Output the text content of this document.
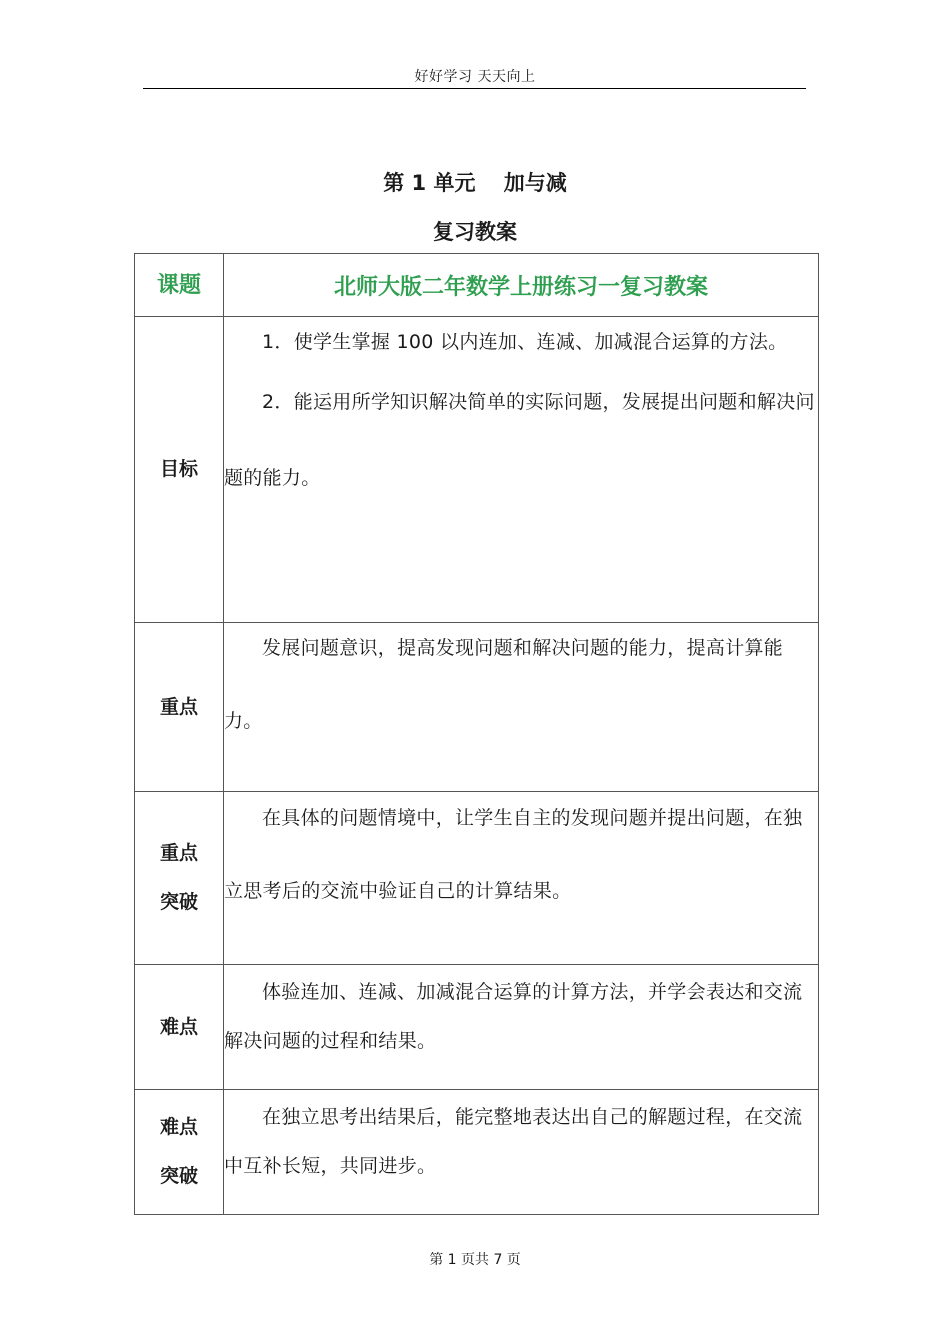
好好学习 天天向上
第 1 单元　 加与减
复习教案
课题	北师大版二年数学上册练习一复习教案
目标	1．使学生掌握 100 以内连加、连减、加减混合运算的方法。

2．能运用所学知识解决简单的实际问题，发展提出问题和解决问题的能力。

重点	发展问题意识，提高发现问题和解决问题的能力，提高计算能力。

重点
突破	在具体的问题情境中，让学生自主的发现问题并提出问题，在独立思考后的交流中验证自己的计算结果。

难点	体验连加、连减、加减混合运算的计算方法，并学会表达和交流解决问题的过程和结果。

难点
突破	在独立思考出结果后，能完整地表达出自己的解题过程，在交流中互补长短，共同进步。

第 1 页共 7 页
